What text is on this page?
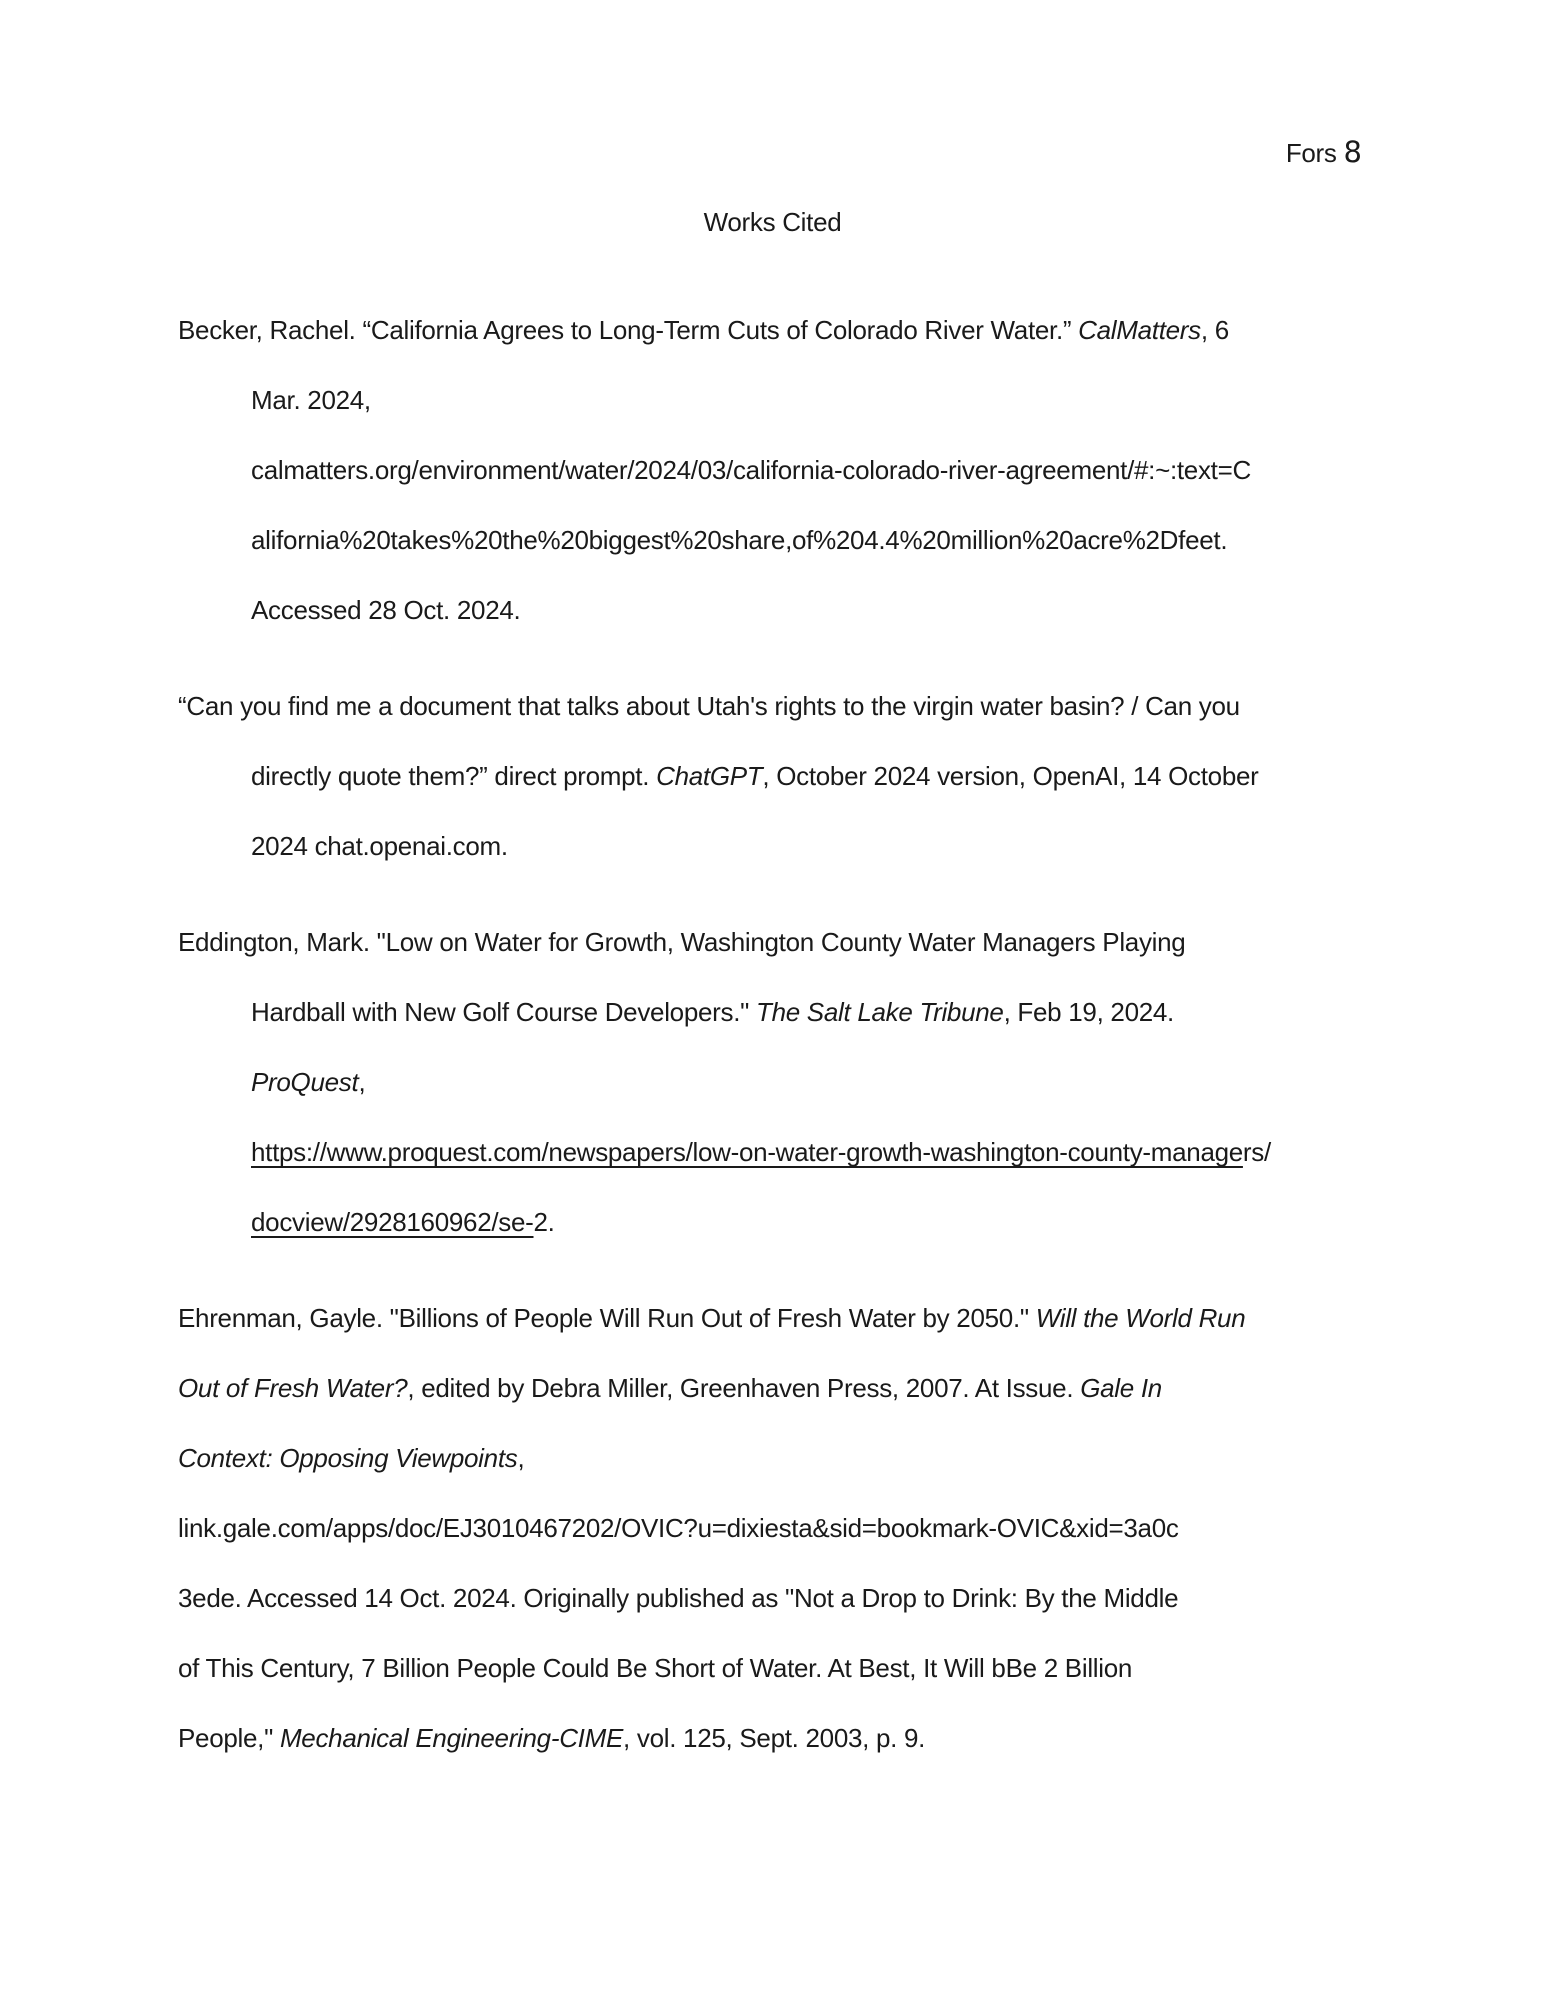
Fors 8
Works Cited
Becker, Rachel. “California Agrees to Long-Term Cuts of Colorado River Water.” CalMatters, 6
Mar. 2024,
calmatters.org/environment/water/2024/03/california-colorado-river-agreement/#:~:text=C
alifornia%20takes%20the%20biggest%20share,of%204.4%20million%20acre%2Dfeet.
Accessed 28 Oct. 2024.
“Can you find me a document that talks about Utah's rights to the virgin water basin? / Can you
directly quote them?” direct prompt. ChatGPT, October 2024 version, OpenAI, 14 October
2024 chat.openai.com.
Eddington, Mark. "Low on Water for Growth, Washington County Water Managers Playing
Hardball with New Golf Course Developers." The Salt Lake Tribune, Feb 19, 2024.
ProQuest,
https://www.proquest.com/newspapers/low-on-water-growth-washington-county-managers/
docview/2928160962/se-2.
Ehrenman, Gayle. "Billions of People Will Run Out of Fresh Water by 2050." Will the World Run
Out of Fresh Water?, edited by Debra Miller, Greenhaven Press, 2007. At Issue. Gale In
Context: Opposing Viewpoints,
link.gale.com/apps/doc/EJ3010467202/OVIC?u=dixiesta&sid=bookmark-OVIC&xid=3a0c
3ede. Accessed 14 Oct. 2024. Originally published as "Not a Drop to Drink: By the Middle
of This Century, 7 Billion People Could Be Short of Water. At Best, It Will bBe 2 Billion
People," Mechanical Engineering-CIME, vol. 125, Sept. 2003, p. 9.
